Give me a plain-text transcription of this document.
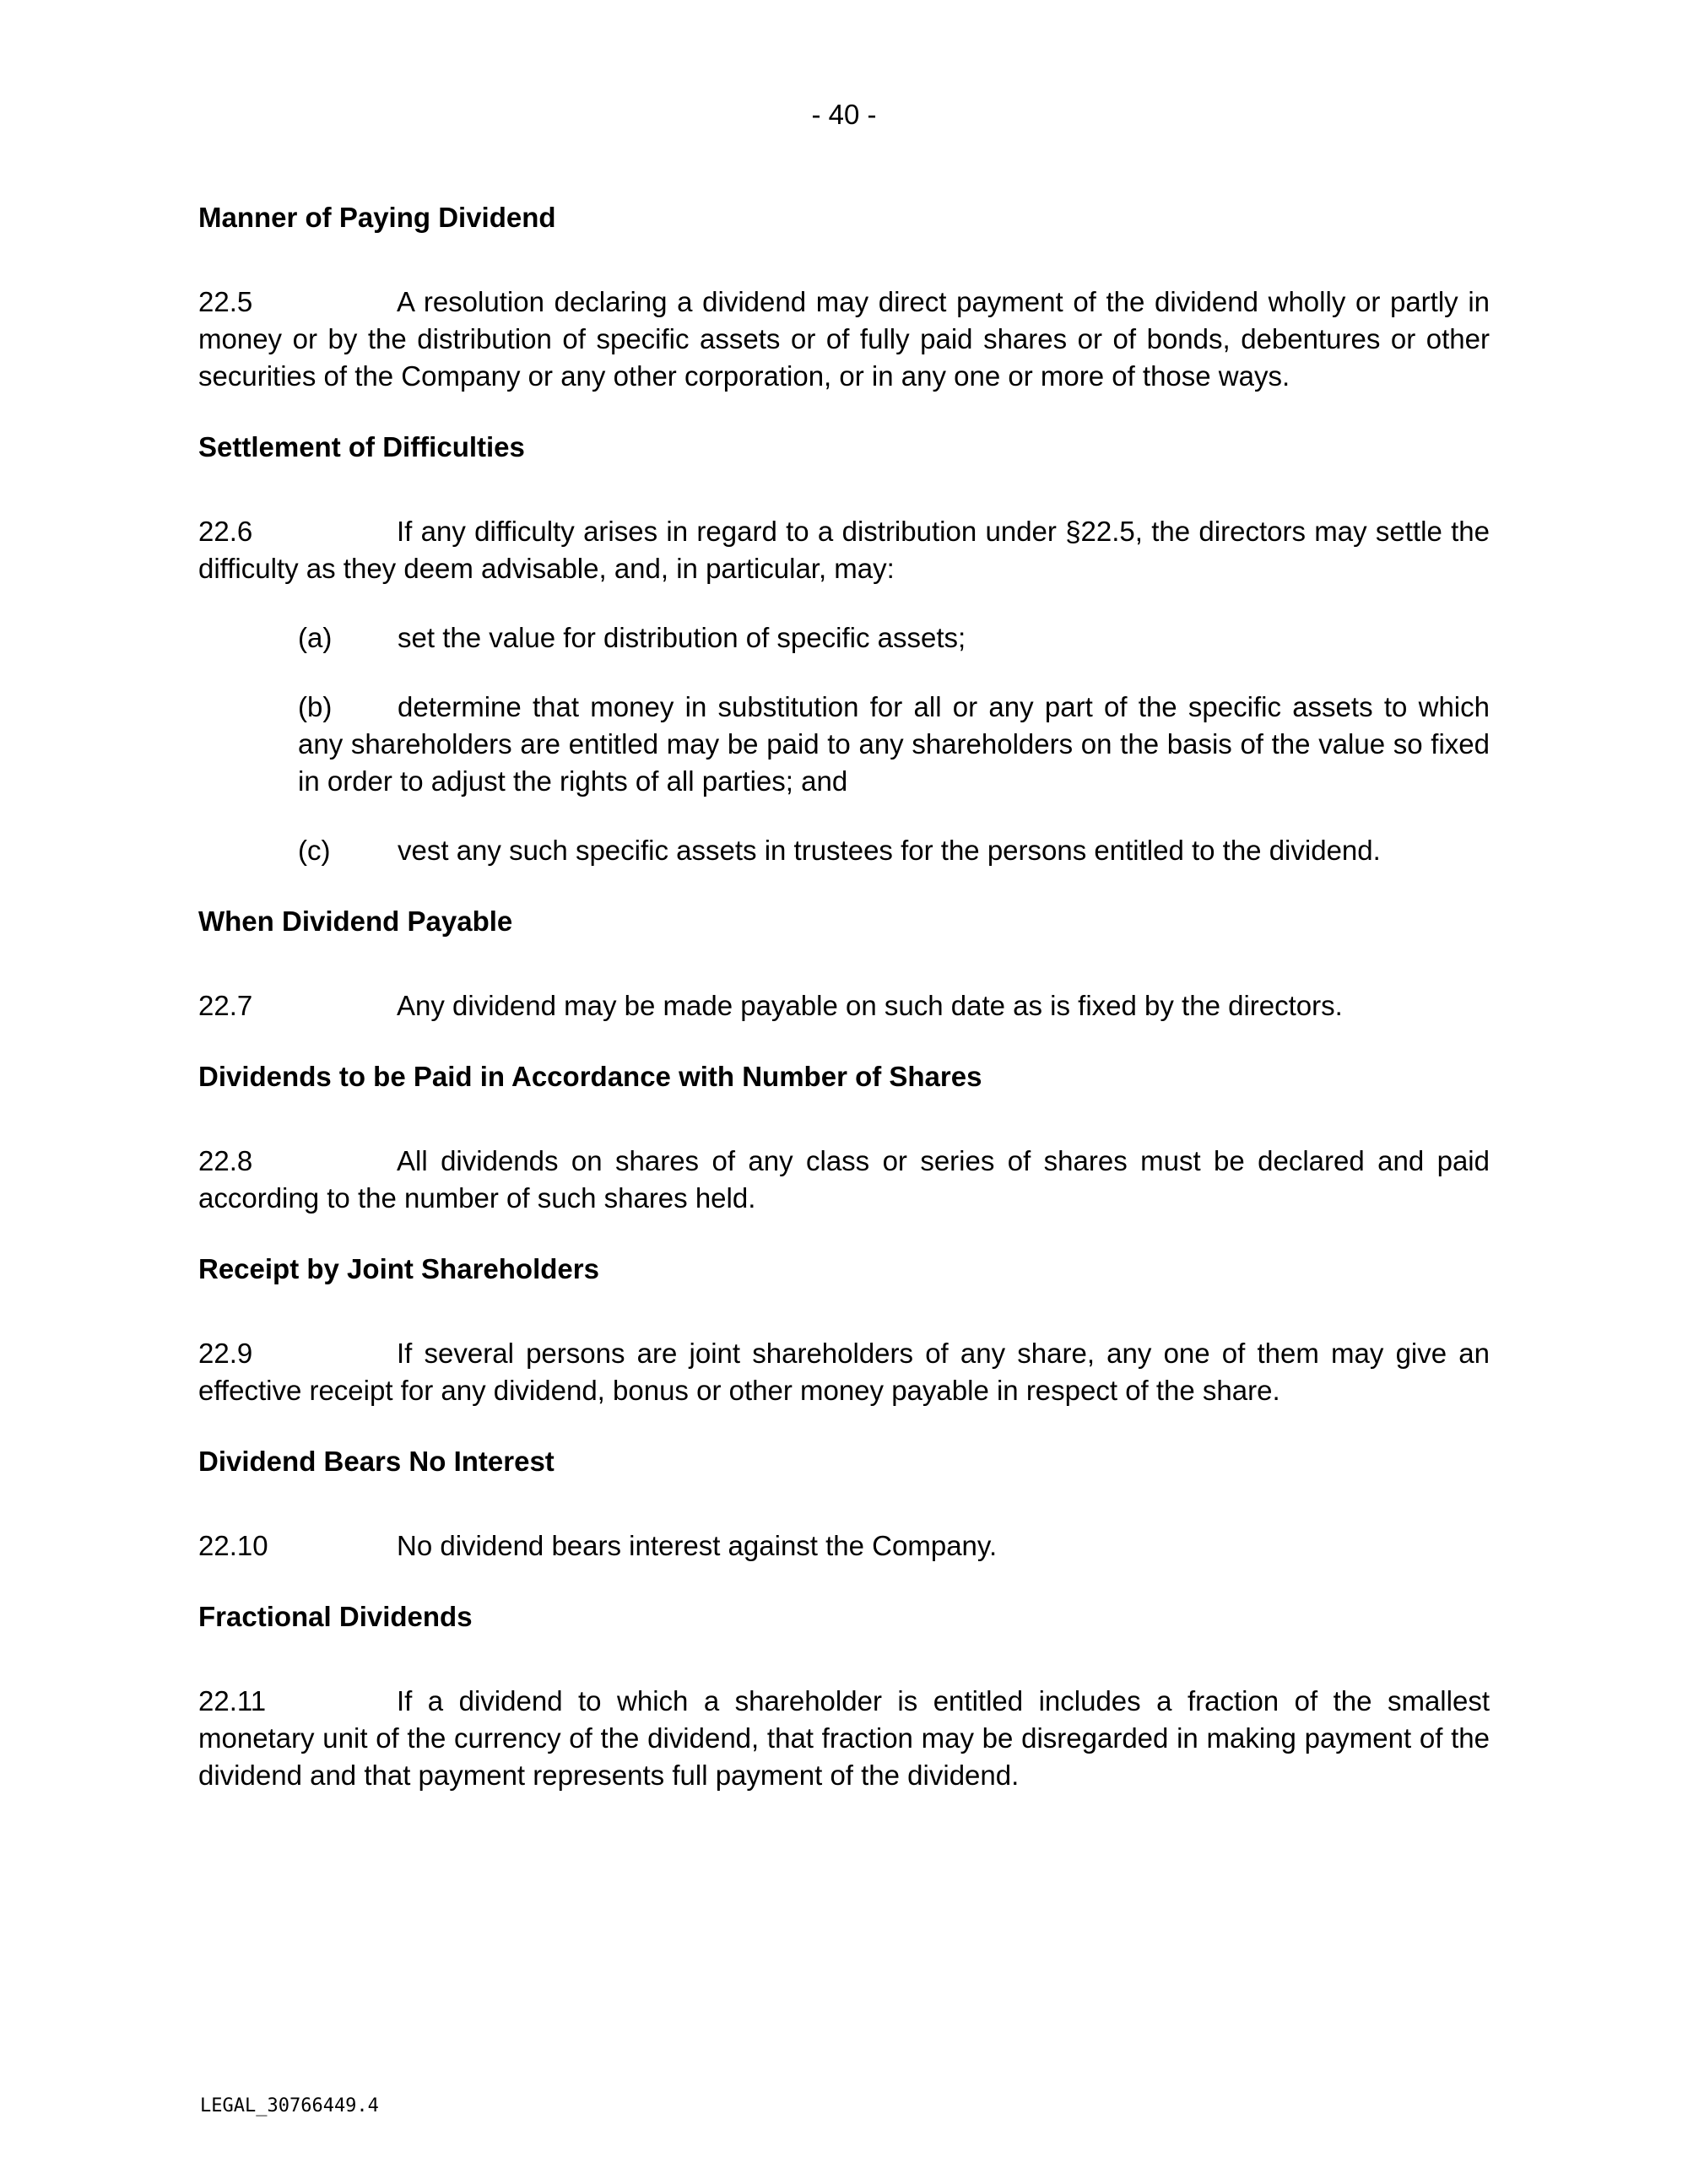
- 40 -

Manner of Paying Dividend

22.5	A resolution declaring a dividend may direct payment of the dividend wholly or partly in money or by the distribution of specific assets or of fully paid shares or of bonds, debentures or other securities of the Company or any other corporation, or in any one or more of those ways.

Settlement of Difficulties

22.6	If any difficulty arises in regard to a distribution under §22.5, the directors may settle the difficulty as they deem advisable, and, in particular, may:

(a) set the value for distribution of specific assets;

(b) determine that money in substitution for all or any part of the specific assets to which any shareholders are entitled may be paid to any shareholders on the basis of the value so fixed in order to adjust the rights of all parties; and

(c) vest any such specific assets in trustees for the persons entitled to the dividend.

When Dividend Payable

22.7	Any dividend may be made payable on such date as is fixed by the directors.

Dividends to be Paid in Accordance with Number of Shares

22.8	All dividends on shares of any class or series of shares must be declared and paid according to the number of such shares held.

Receipt by Joint Shareholders

22.9	If several persons are joint shareholders of any share, any one of them may give an effective receipt for any dividend, bonus or other money payable in respect of the share.

Dividend Bears No Interest

22.10	No dividend bears interest against the Company.

Fractional Dividends

22.11	If a dividend to which a shareholder is entitled includes a fraction of the smallest monetary unit of the currency of the dividend, that fraction may be disregarded in making payment of the dividend and that payment represents full payment of the dividend.

LEGAL_30766449.4
